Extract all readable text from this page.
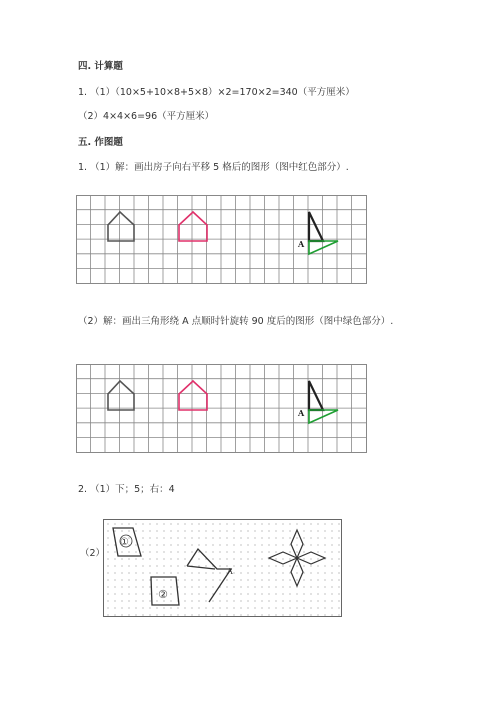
四. 计算题
1. （1）（10×5+10×8+5×8）×2=170×2=340（平方厘米）
（2）4×4×6=96（平方厘米）
五. 作图题
1. （1）解：画出房子向右平移 5 格后的图形（图中红色部分）.
A
（2）解：画出三角形绕 A 点顺时针旋转 90 度后的图形（图中绿色部分）.
A
2. （1）下；5；右：4
（2）
①
②
A
